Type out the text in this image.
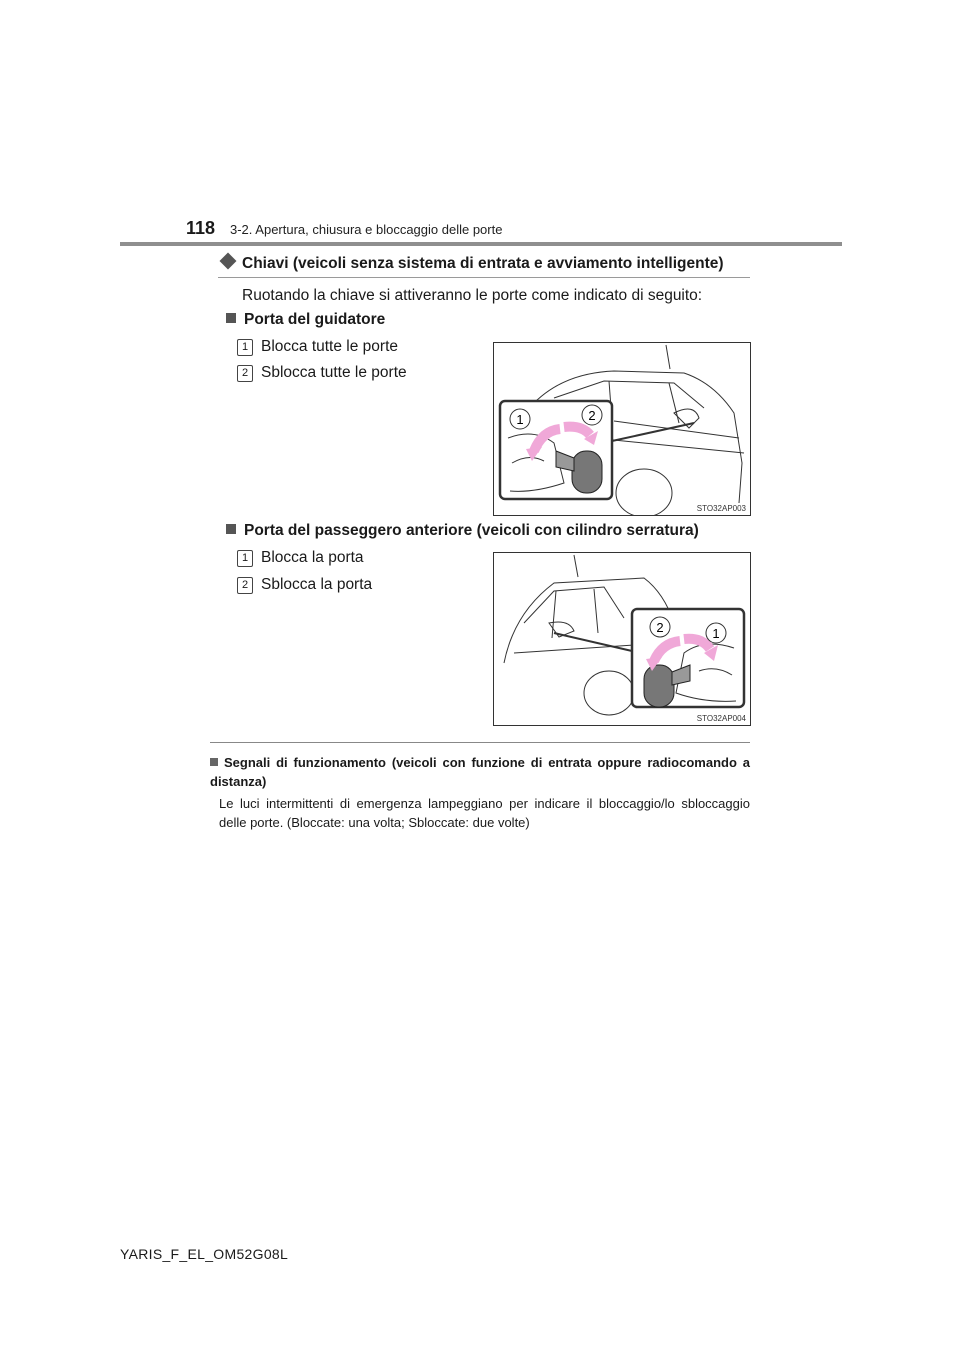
118 3-2. Apertura, chiusura e bloccaggio delle porte
Chiavi (veicoli senza sistema di entrata e avviamento intelligente)
Ruotando la chiave si attiveranno le porte come indicato di seguito:
Porta del guidatore
1 Blocca tutte le porte
2 Sblocca tutte le porte
1	2
STO32AP003
Porta del passeggero anteriore (veicoli con cilindro serratura)
1 Blocca la porta
2 Sblocca la porta
2	1
STO32AP004
Segnali di funzionamento (veicoli con funzione di entrata oppure radiocomando a distanza)
Le luci intermittenti di emergenza lampeggiano per indicare il bloccaggio/lo sbloccaggio delle porte. (Bloccate: una volta; Sbloccate: due volte)
YARIS_F_EL_OM52G08L
